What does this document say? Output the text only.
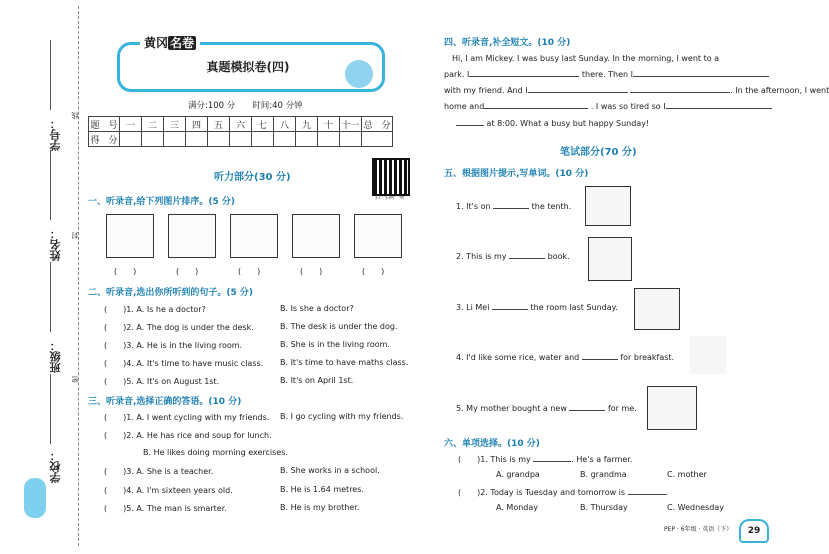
学号：
线
姓名： 封
班级：
密
学校：
黄冈 名卷
真题模拟卷(四)
满分:100 分　　时间:40 分钟
题　号	一	二	三	四	五	六	七	八	九	十	十一	总　分
得　分												
听力部分(30 分)
扫一扫听一听
一、听录音,给下列图片排序。(5 分)
(　　)	(　　)	(　　)	(　　)	(　　)
二、听录音,选出你所听到的句子。(5 分)
(　　)1. A. Is he a doctor?	B. Is she a doctor?
(　　)2. A. The dog is under the desk.	B. The desk is under the dog.
(　　)3. A. He is in the living room.	B. She is in the living room.
(　　)4. A. It's time to have music class. B. It's time to have maths class.
(　　)5. A. It's on August 1st.	B. It's on April 1st.
三、听录音,选择正确的答语。(10 分)
(　　)1. A. I went cycling with my friends. B. I go cycling with my friends.
(　　)2. A. He has rice and soup for lunch.
B. He likes doing morning exercises.
(　　)3. A. She is a teacher.	B. She works in a school.
(　　)4. A. I'm sixteen years old.	B. He is 1.64 metres.
(　　)5. A. The man is smarter.	B. He is my brother.
四、听录音,补全短文。(10 分)
Hi, I am Mickey. I was busy last Sunday. In the morning, I went to a
park. I	there. Then I
with my friend. And I	. In the afternoon, I went
home and	. I was so tired so I
at 8:00. What a busy but happy Sunday!
笔试部分(70 分)
五、根据图片提示,写单词。(10 分)
1. It's on	the tenth.
2. This is my	book.
3. Li Mei	the room last Sunday.
4. I'd like some rice, water and	for breakfast.
5. My mother bought a new	for me.
六、单项选择。(10 分)
(　　)1. This is my	. He's a farmer.
A. grandpa	B. grandma	C. mother
(　　)2. Today is Tuesday and tomorrow is	.
A. Monday	B. Thursday	C. Wednesday
PEP · 6年级 · 英语（下）	29
